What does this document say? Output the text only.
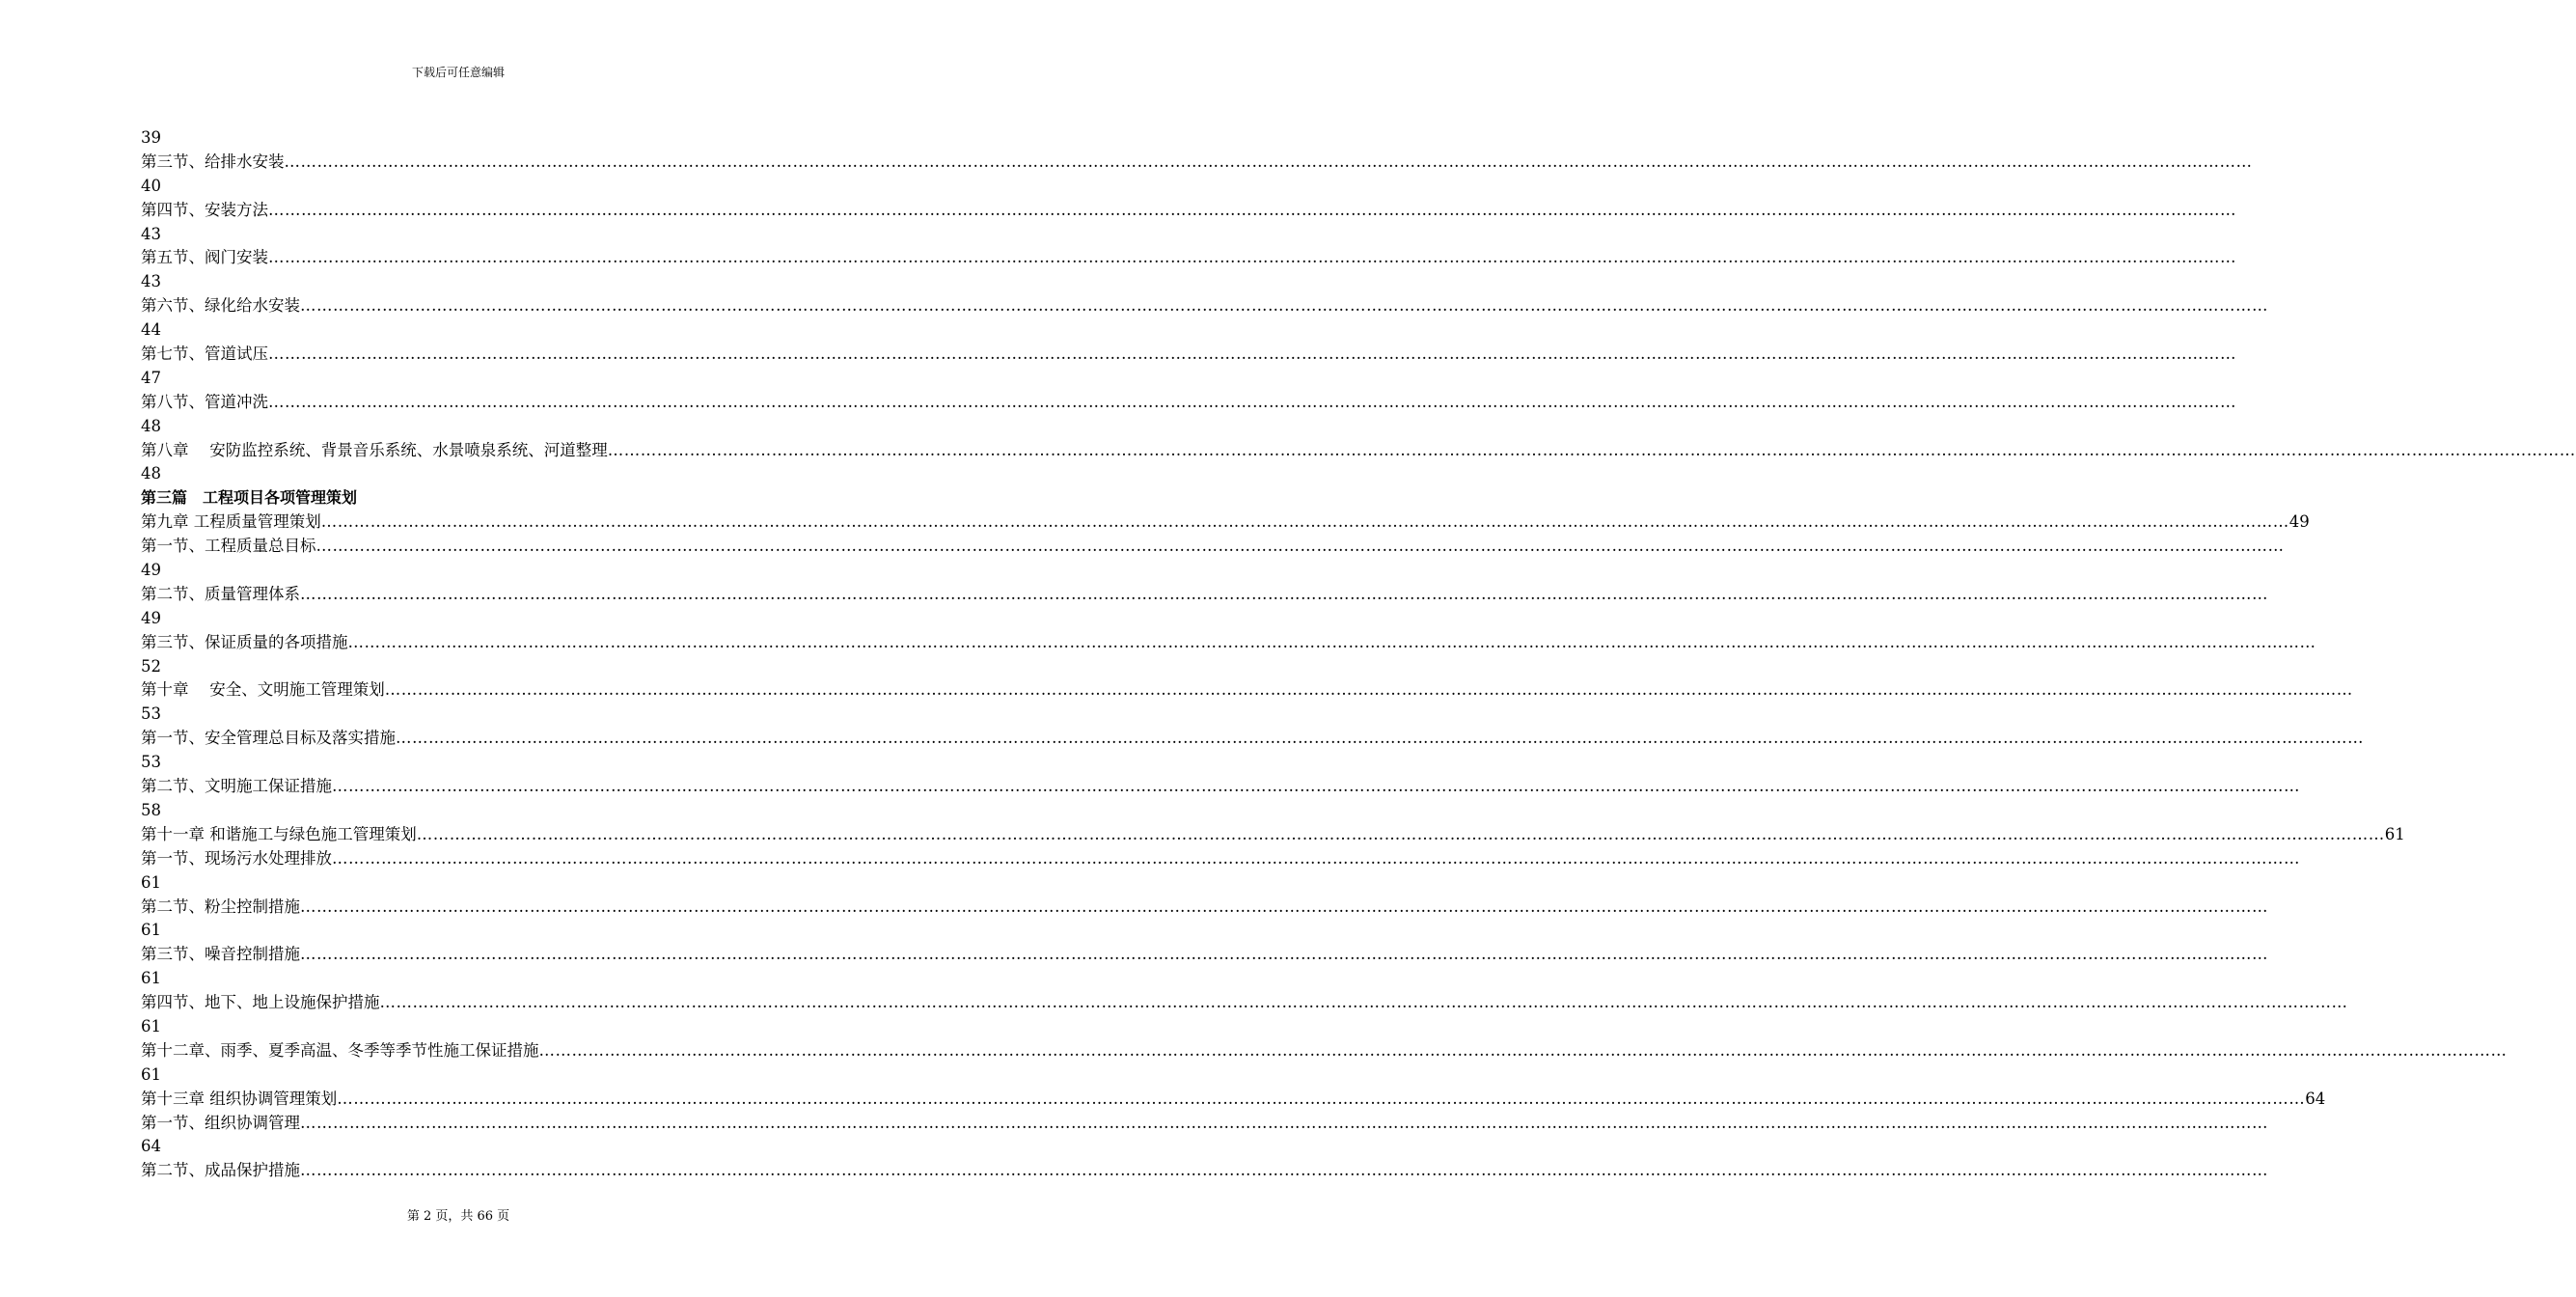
下载后可任意编辑
39
第三节、给排水安装 ………………………………………………………………………………………………………………………………………………………………………………………………………………………………………………………………………………………………………………………………
40
第四节、安装方法 ………………………………………………………………………………………………………………………………………………………………………………………………………………………………………………………………………………………………………………………………
43
第五节、阀门安装 ………………………………………………………………………………………………………………………………………………………………………………………………………………………………………………………………………………………………………………………………
43
第六节、绿化给水安装 ………………………………………………………………………………………………………………………………………………………………………………………………………………………………………………………………………………………………………………………………
44
第七节、管道试压 ………………………………………………………………………………………………………………………………………………………………………………………………………………………………………………………………………………………………………………………………
47
第八节、管道冲洗 ………………………………………………………………………………………………………………………………………………………………………………………………………………………………………………………………………………………………………………………………
48
第八章　 安防监控系统、背景音乐系统、水景喷泉系统、河道整理 ………………………………………………………………………………………………………………………………………………………………………………………………………………………………………………………………………………………………………………………………
48
第三篇　工程项目各项管理策划
第九章 工程质量管理策划 ……………………………………………………………………………………………………………………………………………………………………………………………………………………………………………………………………………………………………………………………… 49
第一节、工程质量总目标 ………………………………………………………………………………………………………………………………………………………………………………………………………………………………………………………………………………………………………………………………
49
第二节、质量管理体系 ………………………………………………………………………………………………………………………………………………………………………………………………………………………………………………………………………………………………………………………………
49
第三节、保证质量的各项措施 ………………………………………………………………………………………………………………………………………………………………………………………………………………………………………………………………………………………………………………………………
52
第十章　 安全、文明施工管理策划 ………………………………………………………………………………………………………………………………………………………………………………………………………………………………………………………………………………………………………………………………
53
第一节、安全管理总目标及落实措施 ………………………………………………………………………………………………………………………………………………………………………………………………………………………………………………………………………………………………………………………………
53
第二节、文明施工保证措施 ………………………………………………………………………………………………………………………………………………………………………………………………………………………………………………………………………………………………………………………………
58
第十一章 和谐施工与绿色施工管理策划 ……………………………………………………………………………………………………………………………………………………………………………………………………………………………………………………………………………………………………………………………… 61
第一节、现场污水处理排放 ………………………………………………………………………………………………………………………………………………………………………………………………………………………………………………………………………………………………………………………………
61
第二节、粉尘控制措施 ………………………………………………………………………………………………………………………………………………………………………………………………………………………………………………………………………………………………………………………………
61
第三节、噪音控制措施 ………………………………………………………………………………………………………………………………………………………………………………………………………………………………………………………………………………………………………………………………
61
第四节、地下、地上设施保护措施 ………………………………………………………………………………………………………………………………………………………………………………………………………………………………………………………………………………………………………………………………
61
第十二章、雨季、夏季高温、冬季等季节性施工保证措施 ………………………………………………………………………………………………………………………………………………………………………………………………………………………………………………………………………………………………………………………………
61
第十三章 组织协调管理策划 ……………………………………………………………………………………………………………………………………………………………………………………………………………………………………………………………………………………………………………………………… 64
第一节、组织协调管理 ………………………………………………………………………………………………………………………………………………………………………………………………………………………………………………………………………………………………………………………………
64
第二节、成品保护措施 ………………………………………………………………………………………………………………………………………………………………………………………………………………………………………………………………………………………………………………………………
第 2 页，共 66 页
